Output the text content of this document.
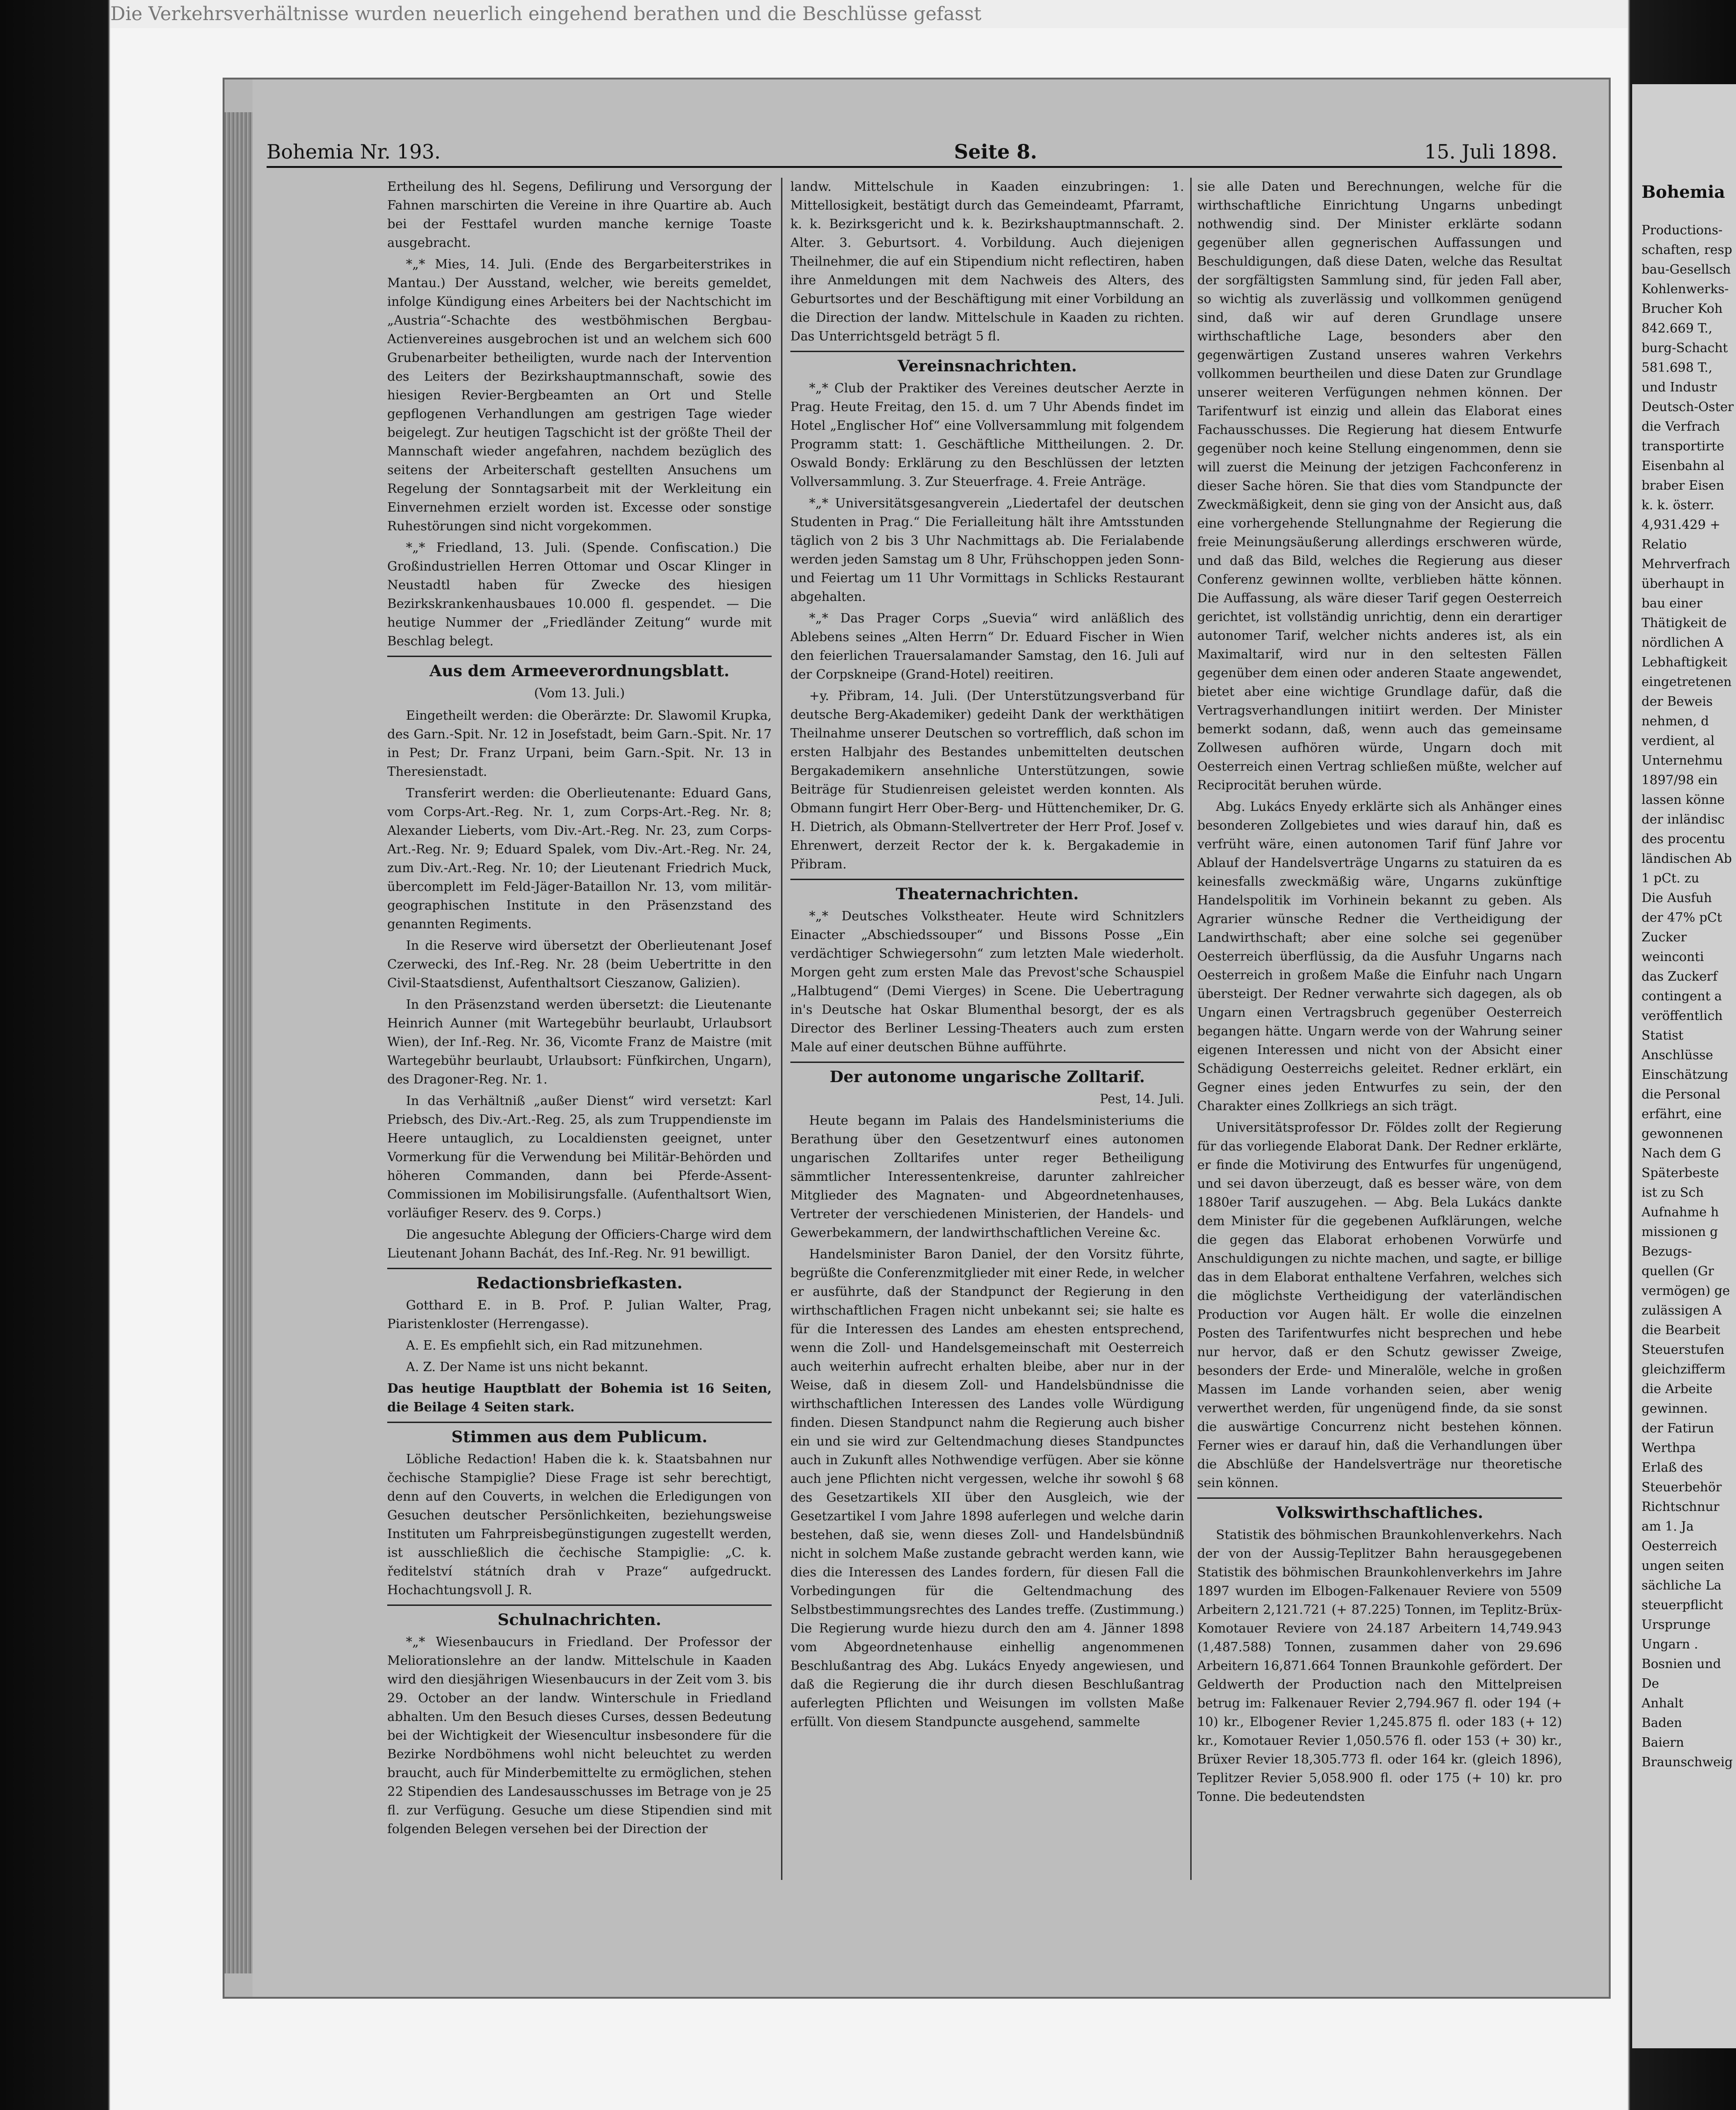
Die Verkehrsverhältnisse wurden neuerlich eingehend berathen und die Beschlüsse gefasst
Bohemia Nr. 193.	Seite 8.	15. Juli 1898.

Ertheilung des hl. Segens, Defilirung und Versorgung der Fahnen marschirten die Vereine in ihre Quartire ab. Auch bei der Festtafel wurden manche kernige Toaste ausgebracht.

*„* Mies, 14. Juli. (Ende des Bergarbeiterstrikes in Mantau.) Der Ausstand, welcher, wie bereits gemeldet, infolge Kündigung eines Arbeiters bei der Nachtschicht im „Austria“-Schachte des westböhmischen Bergbau-Actienvereines ausgebrochen ist und an welchem sich 600 Grubenarbeiter betheiligten, wurde nach der Intervention des Leiters der Bezirkshauptmannschaft, sowie des hiesigen Revier-Bergbeamten an Ort und Stelle gepflogenen Verhandlungen am gestrigen Tage wieder beigelegt. Zur heutigen Tagschicht ist der größte Theil der Mannschaft wieder angefahren, nachdem bezüglich des seitens der Arbeiterschaft gestellten Ansuchens um Regelung der Sonntagsarbeit mit der Werkleitung ein Einvernehmen erzielt worden ist. Excesse oder sonstige Ruhestörungen sind nicht vorgekommen.

*„* Friedland, 13. Juli. (Spende. Confiscation.) Die Großindustriellen Herren Ottomar und Oscar Klinger in Neustadtl haben für Zwecke des hiesigen Bezirkskrankenhausbaues 10.000 fl. gespendet. — Die heutige Nummer der „Friedländer Zeitung“ wurde mit Beschlag belegt.

Aus dem Armeeverordnungsblatt.
(Vom 13. Juli.)

Eingetheilt werden: die Oberärzte: Dr. Slawomil Krupka, des Garn.-Spit. Nr. 12 in Josefstadt, beim Garn.-Spit. Nr. 17 in Pest; Dr. Franz Urpani, beim Garn.-Spit. Nr. 13 in Theresienstadt.

Transferirt werden: die Oberlieutenante: Eduard Gans, vom Corps-Art.-Reg. Nr. 1, zum Corps-Art.-Reg. Nr. 8; Alexander Lieberts, vom Div.-Art.-Reg. Nr. 23, zum Corps-Art.-Reg. Nr. 9; Eduard Spalek, vom Div.-Art.-Reg. Nr. 24, zum Div.-Art.-Reg. Nr. 10; der Lieutenant Friedrich Muck, übercomplett im Feld-Jäger-Bataillon Nr. 13, vom militär-geographischen Institute in den Präsenzstand des genannten Regiments.

In die Reserve wird übersetzt der Oberlieutenant Josef Czerwecki, des Inf.-Reg. Nr. 28 (beim Uebertritte in den Civil-Staatsdienst, Aufenthaltsort Cieszanow, Galizien).

In den Präsenzstand werden übersetzt: die Lieutenante Heinrich Aunner (mit Wartegebühr beurlaubt, Urlaubsort Wien), der Inf.-Reg. Nr. 36, Vicomte Franz de Maistre (mit Wartegebühr beurlaubt, Urlaubsort: Fünfkirchen, Ungarn), des Dragoner-Reg. Nr. 1.

In das Verhältniß „außer Dienst“ wird versetzt: Karl Priebsch, des Div.-Art.-Reg. 25, als zum Truppendienste im Heere untauglich, zu Localdiensten geeignet, unter Vormerkung für die Verwendung bei Militär-Behörden und höheren Commanden, dann bei Pferde-Assent-Commissionen im Mobilisirungsfalle. (Aufenthaltsort Wien, vorläufiger Reserv. des 9. Corps.)

Die angesuchte Ablegung der Officiers-Charge wird dem Lieutenant Johann Bachát, des Inf.-Reg. Nr. 91 bewilligt.

Redactionsbriefkasten.

Gotthard E. in B. Prof. P. Julian Walter, Prag, Piaristenkloster (Herrengasse).

A. E. Es empfiehlt sich, ein Rad mitzunehmen.

A. Z. Der Name ist uns nicht bekannt.

Das heutige Hauptblatt der Bohemia ist 16 Seiten, die Beilage 4 Seiten stark.

Stimmen aus dem Publicum.

Löbliche Redaction! Haben die k. k. Staatsbahnen nur čechische Stampiglie? Diese Frage ist sehr berechtigt, denn auf den Couverts, in welchen die Erledigungen von Gesuchen deutscher Persönlichkeiten, beziehungsweise Instituten um Fahrpreisbegünstigungen zugestellt werden, ist ausschließlich die čechische Stampiglie: „C. k. ředitelství státních drah v Praze“ aufgedruckt. Hochachtungsvoll J. R.

Schulnachrichten.

*„* Wiesenbaucurs in Friedland. Der Professor der Meliorationslehre an der landw. Mittelschule in Kaaden wird den diesjährigen Wiesenbaucurs in der Zeit vom 3. bis 29. October an der landw. Winterschule in Friedland abhalten. Um den Besuch dieses Curses, dessen Bedeutung bei der Wichtigkeit der Wiesencultur insbesondere für die Bezirke Nordböhmens wohl nicht beleuchtet zu werden braucht, auch für Minderbemittelte zu ermöglichen, stehen 22 Stipendien des Landesausschusses im Betrage von je 25 fl. zur Verfügung. Gesuche um diese Stipendien sind mit folgenden Belegen versehen bei der Direction der

landw. Mittelschule in Kaaden einzubringen: 1. Mittellosigkeit, bestätigt durch das Gemeindeamt, Pfarramt, k. k. Bezirksgericht und k. k. Bezirkshauptmannschaft. 2. Alter. 3. Geburtsort. 4. Vorbildung. Auch diejenigen Theilnehmer, die auf ein Stipendium nicht reflectiren, haben ihre Anmeldungen mit dem Nachweis des Alters, des Geburtsortes und der Beschäftigung mit einer Vorbildung an die Direction der landw. Mittelschule in Kaaden zu richten. Das Unterrichtsgeld beträgt 5 fl.

Vereinsnachrichten.

*„* Club der Praktiker des Vereines deutscher Aerzte in Prag. Heute Freitag, den 15. d. um 7 Uhr Abends findet im Hotel „Englischer Hof“ eine Vollversammlung mit folgendem Programm statt: 1. Geschäftliche Mittheilungen. 2. Dr. Oswald Bondy: Erklärung zu den Beschlüssen der letzten Vollversammlung. 3. Zur Steuerfrage. 4. Freie Anträge.

*„* Universitätsgesangverein „Liedertafel der deutschen Studenten in Prag.“ Die Ferialleitung hält ihre Amtsstunden täglich von 2 bis 3 Uhr Nachmittags ab. Die Ferialabende werden jeden Samstag um 8 Uhr, Frühschoppen jeden Sonn- und Feiertag um 11 Uhr Vormittags in Schlicks Restaurant abgehalten.

*„* Das Prager Corps „Suevia“ wird anläßlich des Ablebens seines „Alten Herrn“ Dr. Eduard Fischer in Wien den feierlichen Trauersalamander Samstag, den 16. Juli auf der Corpskneipe (Grand-Hotel) reeitiren.

+y. Přibram, 14. Juli. (Der Unterstützungsverband für deutsche Berg-Akademiker) gedeiht Dank der werkthätigen Theilnahme unserer Deutschen so vortrefflich, daß schon im ersten Halbjahr des Bestandes unbemittelten deutschen Bergakademikern ansehnliche Unterstützungen, sowie Beiträge für Studienreisen geleistet werden konnten. Als Obmann fungirt Herr Ober-Berg- und Hüttenchemiker, Dr. G. H. Dietrich, als Obmann-Stellvertreter der Herr Prof. Josef v. Ehrenwert, derzeit Rector der k. k. Bergakademie in Přibram.

Theaternachrichten.

*„* Deutsches Volkstheater. Heute wird Schnitzlers Einacter „Abschiedssouper“ und Bissons Posse „Ein verdächtiger Schwiegersohn“ zum letzten Male wiederholt. Morgen geht zum ersten Male das Prevost'sche Schauspiel „Halbtugend“ (Demi Vierges) in Scene. Die Uebertragung in's Deutsche hat Oskar Blumenthal besorgt, der es als Director des Berliner Lessing-Theaters auch zum ersten Male auf einer deutschen Bühne aufführte.

Der autonome ungarische Zolltarif.
Pest, 14. Juli.

Heute begann im Palais des Handelsministeriums die Berathung über den Gesetzentwurf eines autonomen ungarischen Zolltarifes unter reger Betheiligung sämmtlicher Interessentenkreise, darunter zahlreicher Mitglieder des Magnaten- und Abgeordnetenhauses, Vertreter der verschiedenen Ministerien, der Handels- und Gewerbekammern, der landwirthschaftlichen Vereine &c.

Handelsminister Baron Daniel, der den Vorsitz führte, begrüßte die Conferenzmitglieder mit einer Rede, in welcher er ausführte, daß der Standpunct der Regierung in den wirthschaftlichen Fragen nicht unbekannt sei; sie halte es für die Interessen des Landes am ehesten entsprechend, wenn die Zoll- und Handelsgemeinschaft mit Oesterreich auch weiterhin aufrecht erhalten bleibe, aber nur in der Weise, daß in diesem Zoll- und Handelsbündnisse die wirthschaftlichen Interessen des Landes volle Würdigung finden. Diesen Standpunct nahm die Regierung auch bisher ein und sie wird zur Geltendmachung dieses Standpunctes auch in Zukunft alles Nothwendige verfügen. Aber sie könne auch jene Pflichten nicht vergessen, welche ihr sowohl § 68 des Gesetzartikels XII über den Ausgleich, wie der Gesetzartikel I vom Jahre 1898 auferlegen und welche darin bestehen, daß sie, wenn dieses Zoll- und Handelsbündniß nicht in solchem Maße zustande gebracht werden kann, wie dies die Interessen des Landes fordern, für diesen Fall die Vorbedingungen für die Geltendmachung des Selbstbestimmungsrechtes des Landes treffe. (Zustimmung.) Die Regierung wurde hiezu durch den am 4. Jänner 1898 vom Abgeordnetenhause einhellig angenommenen Beschlußantrag des Abg. Lukács Enyedy angewiesen, und daß die Regierung die ihr durch diesen Beschlußantrag auferlegten Pflichten und Weisungen im vollsten Maße erfüllt. Von diesem Standpuncte ausgehend, sammelte

sie alle Daten und Berechnungen, welche für die wirthschaftliche Einrichtung Ungarns unbedingt nothwendig sind. Der Minister erklärte sodann gegenüber allen gegnerischen Auffassungen und Beschuldigungen, daß diese Daten, welche das Resultat der sorgfältigsten Sammlung sind, für jeden Fall aber, so wichtig als zuverlässig und vollkommen genügend sind, daß wir auf deren Grundlage unsere wirthschaftliche Lage, besonders aber den gegenwärtigen Zustand unseres wahren Verkehrs vollkommen beurtheilen und diese Daten zur Grundlage unserer weiteren Verfügungen nehmen können. Der Tarifentwurf ist einzig und allein das Elaborat eines Fachausschusses. Die Regierung hat diesem Entwurfe gegenüber noch keine Stellung eingenommen, denn sie will zuerst die Meinung der jetzigen Fachconferenz in dieser Sache hören. Sie that dies vom Standpuncte der Zweckmäßigkeit, denn sie ging von der Ansicht aus, daß eine vorhergehende Stellungnahme der Regierung die freie Meinungsäußerung allerdings erschweren würde, und daß das Bild, welches die Regierung aus dieser Conferenz gewinnen wollte, verblieben hätte können. Die Auffassung, als wäre dieser Tarif gegen Oesterreich gerichtet, ist vollständig unrichtig, denn ein derartiger autonomer Tarif, welcher nichts anderes ist, als ein Maximaltarif, wird nur in den seltesten Fällen gegenüber dem einen oder anderen Staate angewendet, bietet aber eine wichtige Grundlage dafür, daß die Vertragsverhandlungen initiirt werden. Der Minister bemerkt sodann, daß, wenn auch das gemeinsame Zollwesen aufhören würde, Ungarn doch mit Oesterreich einen Vertrag schließen müßte, welcher auf Reciprocität beruhen würde.

Abg. Lukács Enyedy erklärte sich als Anhänger eines besonderen Zollgebietes und wies darauf hin, daß es verfrüht wäre, einen autonomen Tarif fünf Jahre vor Ablauf der Handelsverträge Ungarns zu statuiren da es keinesfalls zweckmäßig wäre, Ungarns zukünftige Handelspolitik im Vorhinein bekannt zu geben. Als Agrarier wünsche Redner die Vertheidigung der Landwirthschaft; aber eine solche sei gegenüber Oesterreich überflüssig, da die Ausfuhr Ungarns nach Oesterreich in großem Maße die Einfuhr nach Ungarn übersteigt. Der Redner verwahrte sich dagegen, als ob Ungarn einen Vertragsbruch gegenüber Oesterreich begangen hätte. Ungarn werde von der Wahrung seiner eigenen Interessen und nicht von der Absicht einer Schädigung Oesterreichs geleitet. Redner erklärt, ein Gegner eines jeden Entwurfes zu sein, der den Charakter eines Zollkriegs an sich trägt.

Universitätsprofessor Dr. Földes zollt der Regierung für das vorliegende Elaborat Dank. Der Redner erklärte, er finde die Motivirung des Entwurfes für ungenügend, und sei davon überzeugt, daß es besser wäre, von dem 1880er Tarif auszugehen. — Abg. Bela Lukács dankte dem Minister für die gegebenen Aufklärungen, welche die gegen das Elaborat erhobenen Vorwürfe und Anschuldigungen zu nichte machen, und sagte, er billige das in dem Elaborat enthaltene Verfahren, welches sich die möglichste Vertheidigung der vaterländischen Production vor Augen hält. Er wolle die einzelnen Posten des Tarifentwurfes nicht besprechen und hebe nur hervor, daß er den Schutz gewisser Zweige, besonders der Erde- und Mineralöle, welche in großen Massen im Lande vorhanden seien, aber wenig verwerthet werden, für ungenügend finde, da sie sonst die auswärtige Concurrenz nicht bestehen können. Ferner wies er darauf hin, daß die Verhandlungen über die Abschlüße der Handelsverträge nur theoretische sein können.

Volkswirthschaftliches.

Statistik des böhmischen Braunkohlenverkehrs. Nach der von der Aussig-Teplitzer Bahn herausgegebenen Statistik des böhmischen Braunkohlenverkehrs im Jahre 1897 wurden im Elbogen-Falkenauer Reviere von 5509 Arbeitern 2,121.721 (+ 87.225) Tonnen, im Teplitz-Brüx-Komotauer Reviere von 24.187 Arbeitern 14,749.943 (1,487.588) Tonnen, zusammen daher von 29.696 Arbeitern 16,871.664 Tonnen Braunkohle gefördert. Der Geldwerth der Production nach den Mittelpreisen betrug im: Falkenauer Revier 2,794.967 fl. oder 194 (+ 10) kr., Elbogener Revier 1,245.875 fl. oder 183 (+ 12) kr., Komotauer Revier 1,050.576 fl. oder 153 (+ 30) kr., Brüxer Revier 18,305.773 fl. oder 164 kr. (gleich 1896), Teplitzer Revier 5,058.900 fl. oder 175 (+ 10) kr. pro Tonne. Die bedeutendsten

Bohemia
Productions-
schaften, resp
bau-Gesellsch
Kohlenwerks-
Brucher Koh
842.669 T.,
burg-Schacht
581.698 T.,
und Industr
Deutsch-Oster
die Verfrach
transportirte
Eisenbahn al
braber Eisen
k. k. österr.
4,931.429 +
Relatio
Mehrverfrach
überhaupt in
bau einer
Thätigkeit de
nördlichen A
Lebhaftigkeit
eingetretenen
der Beweis
nehmen, d
verdient, al
Unternehmu
1897/98 ein
lassen könne
der inländisc
des procentu
ländischen Ab
1 pCt. zu
Die Ausfuh
der 47% pCt
Zucker
weinconti
das Zuckerf
contingent a
veröffentlich
Statist
Anschlüsse
Einschätzung
die Personal
erfährt, eine
gewonnenen
Nach dem G
Späterbeste
ist zu Sch
Aufnahme h
missionen g
Bezugs-
quellen (Gr
vermögen) ge
zulässigen A
die Bearbeit
Steuerstufen
gleichzifferm
die Arbeite
gewinnen.
der Fatirun
Werthpa
Erlaß des
Steuerbehör
Richtschnur
am 1. Ja
Oesterreich
ungen seiten
sächliche La
steuerpflicht
Ursprunge
Ungarn .
Bosnien und
De
Anhalt
Baden
Baiern
Braunschweig
